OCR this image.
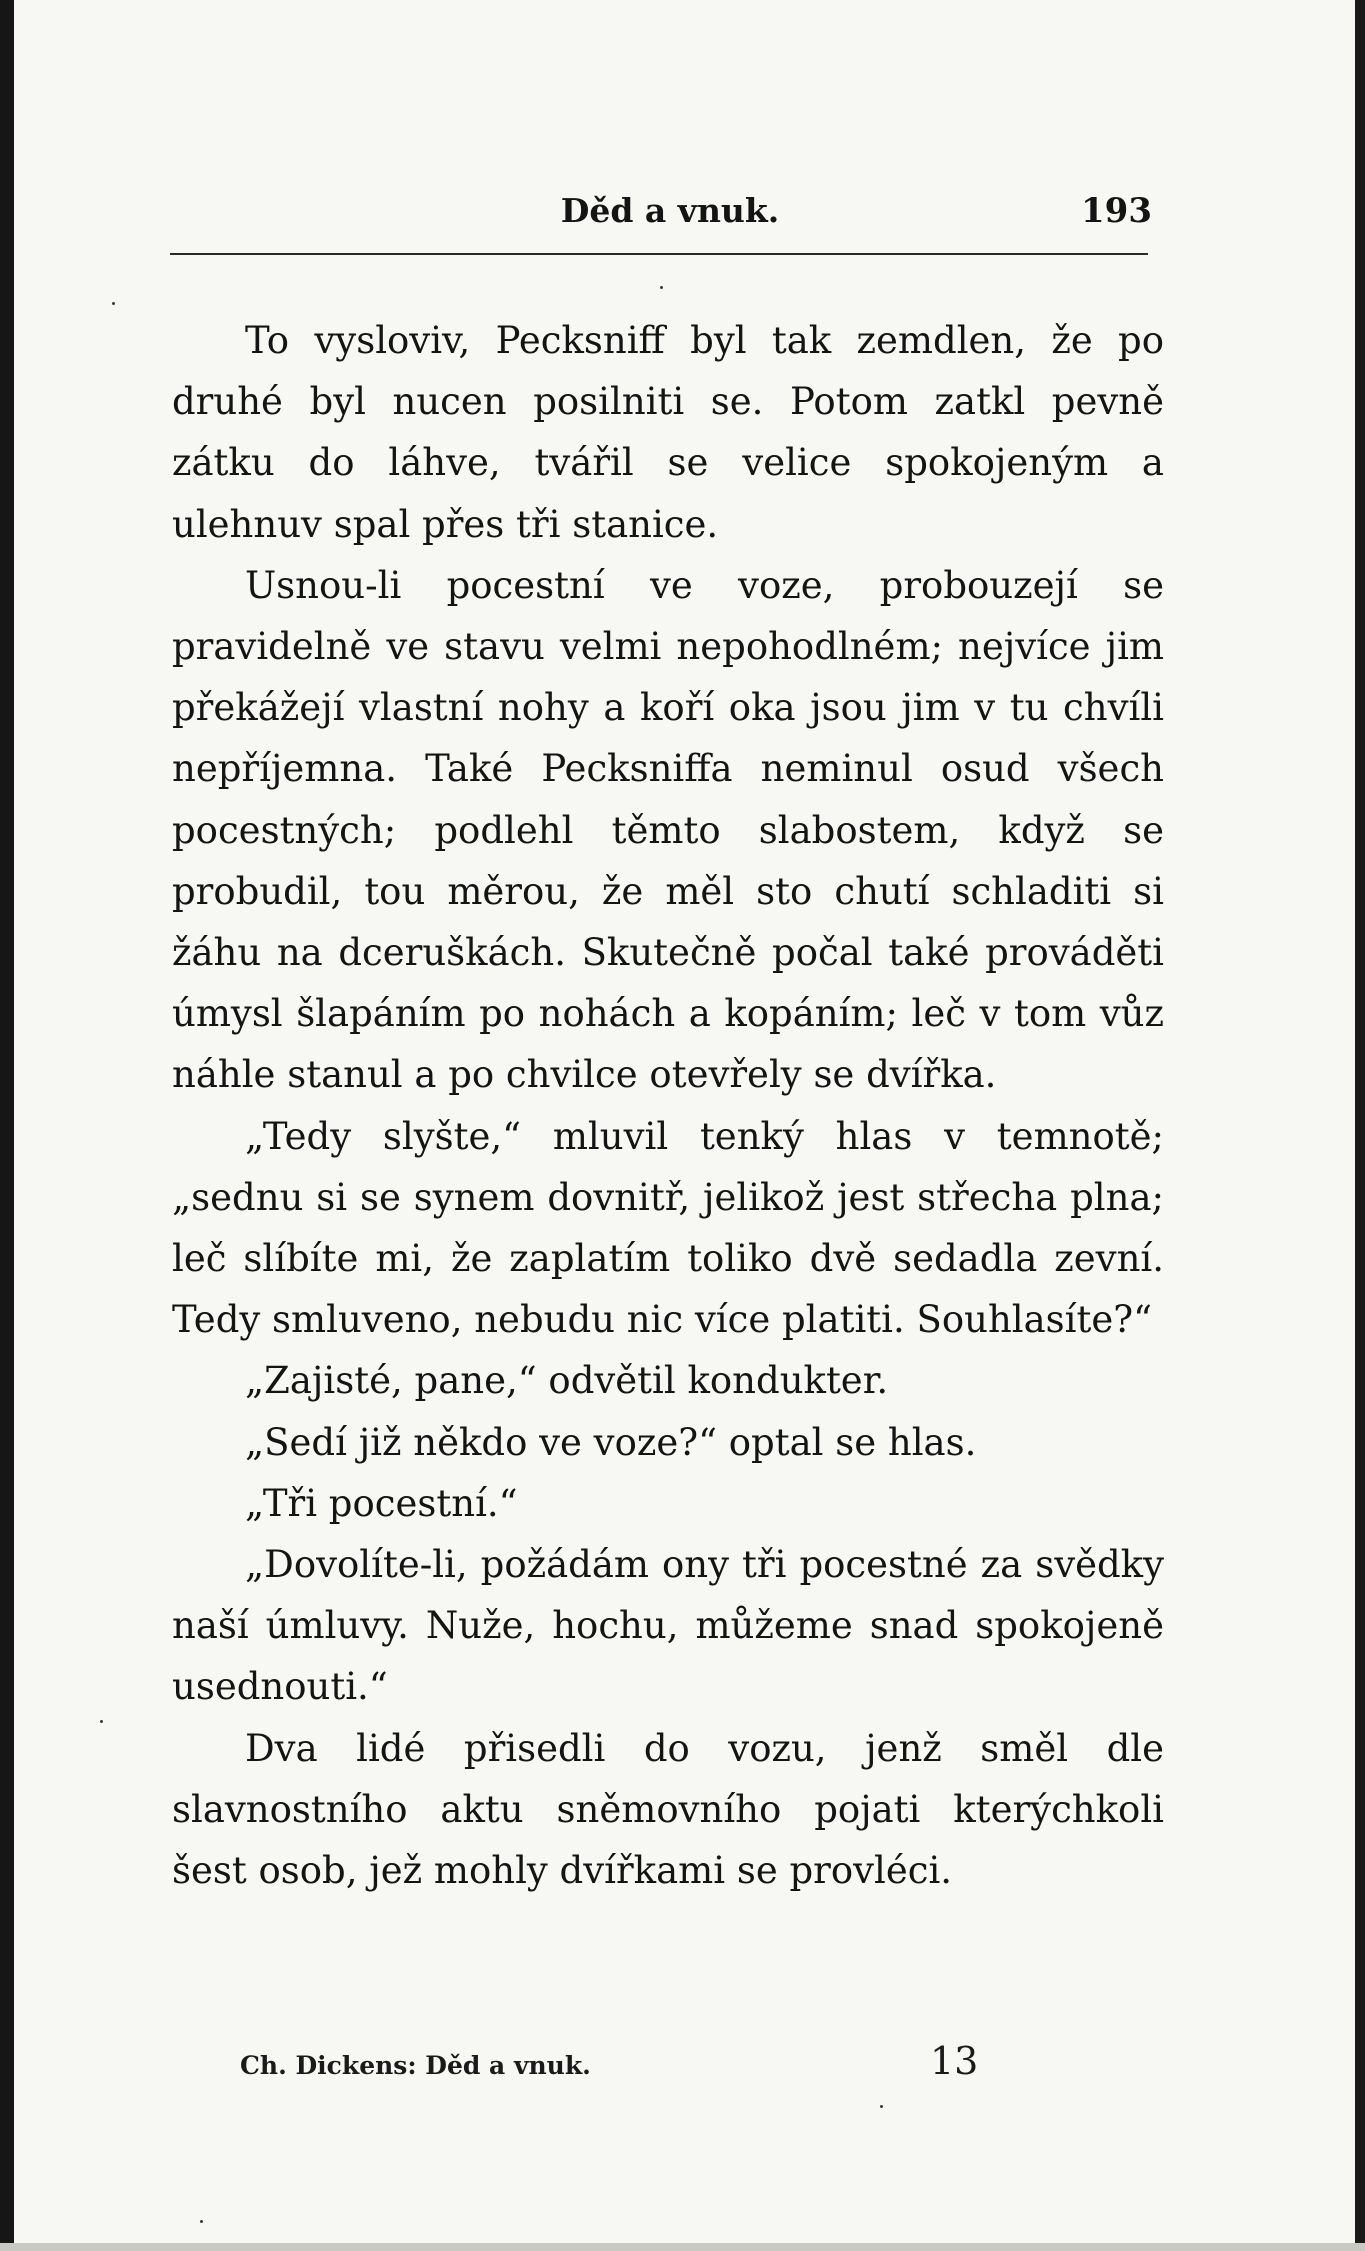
Děd a vnuk.	193

To vysloviv, Pecksniff byl tak zemdlen, že po druhé byl nucen posilniti se. Potom zatkl pevně zátku do láhve, tvářil se velice spokojeným a ulehnuv spal přes tři stanice.

Usnou-li pocestní ve voze, probouzejí se pravidelně ve stavu velmi nepohodlném; nejvíce jim překážejí vlastní nohy a koří oka jsou jim v tu chvíli nepříjemna. Také Pecksniffa neminul osud všech pocestných; podlehl těmto slabostem, když se probudil, tou měrou, že měl sto chutí schladiti si žáhu na dceruškách. Skutečně počal také prováděti úmysl šlapáním po nohách a kopáním; leč v tom vůz náhle stanul a po chvilce otevřely se dvířka.

„Tedy slyšte,“ mluvil tenký hlas v temnotě; „sednu si se synem dovnitř, jelikož jest střecha plna; leč slíbíte mi, že zaplatím toliko dvě sedadla zevní. Tedy smluveno, nebudu nic více platiti. Souhlasíte?“

„Zajisté, pane,“ odvětil kondukter.

„Sedí již někdo ve voze?“ optal se hlas.

„Tři pocestní.“

„Dovolíte-li, požádám ony tři pocestné za svědky naší úmluvy. Nuže, hochu, můžeme snad spokojeně usednouti.“

Dva lidé přisedli do vozu, jenž směl dle slavnostního aktu sněmovního pojati kterýchkoli šest osob, jež mohly dvířkami se provléci.

Ch. Dickens: Děd a vnuk.	13
